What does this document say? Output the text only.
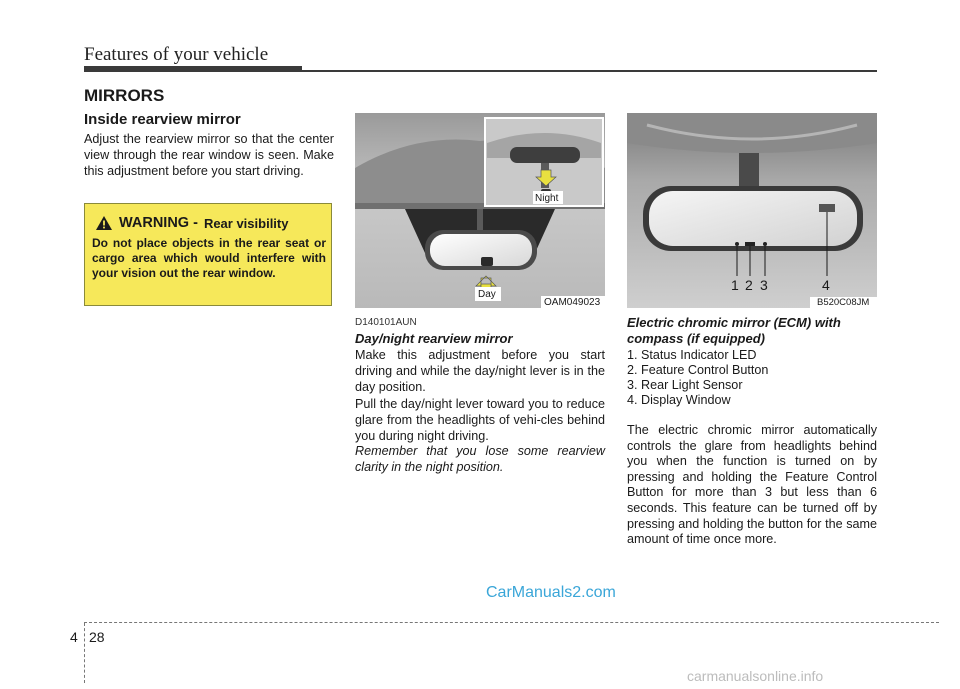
Features of your vehicle
MIRRORS
Inside rearview mirror
Adjust the rearview mirror so that the center view through the rear window is seen. Make this adjustment before you start driving.
WARNING - Rear visibility
Do not place objects in the rear seat or cargo area which would interfere with your vision out the rear window.
Night
Day
OAM049023
D140101AUN
Day/night rearview mirror
Make this adjustment before you start driving and while the day/night lever is in the day position.
Pull the day/night lever toward you to reduce glare from the headlights of vehi-cles behind you during night driving.
Remember that you lose some rearview clarity in the night position.
1 2 3	4
B520C08JM
Electric chromic mirror (ECM) with compass (if equipped)
1. Status Indicator LED
2. Feature Control Button
3. Rear Light Sensor
4. Display Window
The electric chromic mirror automatically controls the glare from headlights behind you when the function is turned on by pressing and holding the Feature Control Button for more than 3 but less than 6 seconds. This feature can be turned off by pressing and holding the button for the same amount of time once more.
CarManuals2.com
4 28
carmanualsonline.info
